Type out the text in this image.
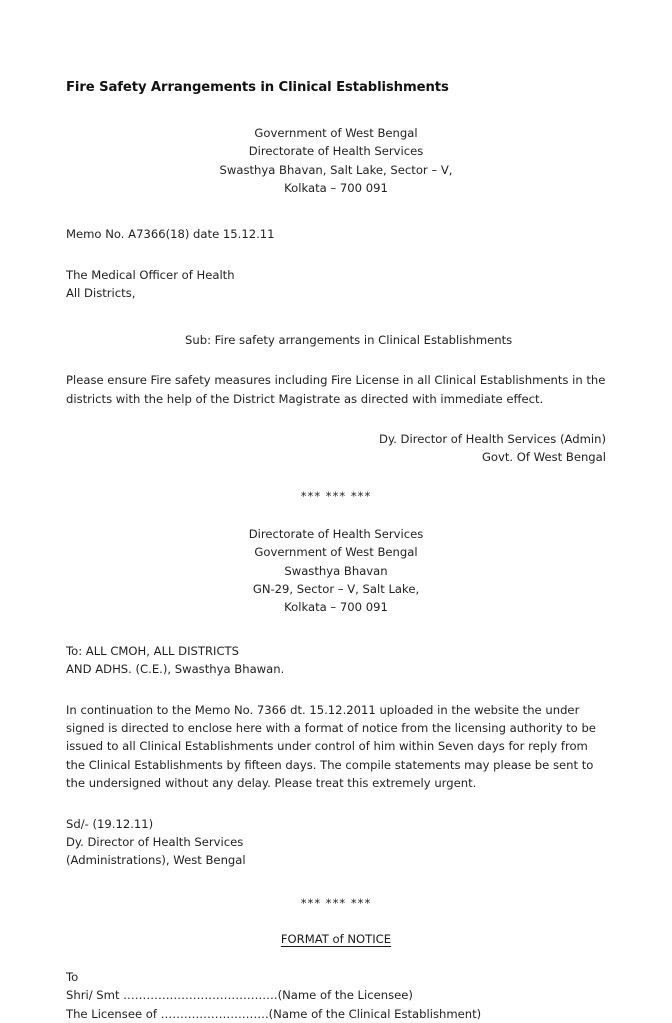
Fire Safety Arrangements in Clinical Establishments
Government of West Bengal
Directorate of Health Services
Swasthya Bhavan, Salt Lake, Sector – V,
Kolkata – 700 091
Memo No. A7366(18) date 15.12.11
The Medical Officer of Health
All Districts,
Sub: Fire safety arrangements in Clinical Establishments
Please ensure Fire safety measures including Fire License in all Clinical Establishments in the districts with the help of the District Magistrate as directed with immediate effect.
Dy. Director of Health Services (Admin)
Govt. Of West Bengal
*** *** ***
Directorate of Health Services
Government of West Bengal
Swasthya Bhavan
GN-29, Sector – V, Salt Lake,
Kolkata – 700 091
To: ALL CMOH, ALL DISTRICTS
AND ADHS. (C.E.), Swasthya Bhawan.
In continuation to the Memo No. 7366 dt. 15.12.2011 uploaded in the website the under signed is directed to enclose here with a format of notice from the licensing authority to be issued to all Clinical Establishments under control of him within Seven days for reply from the Clinical Establishments by fifteen days. The compile statements may please be sent to the undersigned without any delay. Please treat this extremely urgent.
Sd/- (19.12.11)
Dy. Director of Health Services
(Administrations), West Bengal
*** *** ***
FORMAT of NOTICE
To
Shri/ Smt ………………………………….(Name of the Licensee)
The Licensee of ……………………….(Name of the Clinical Establishment)
